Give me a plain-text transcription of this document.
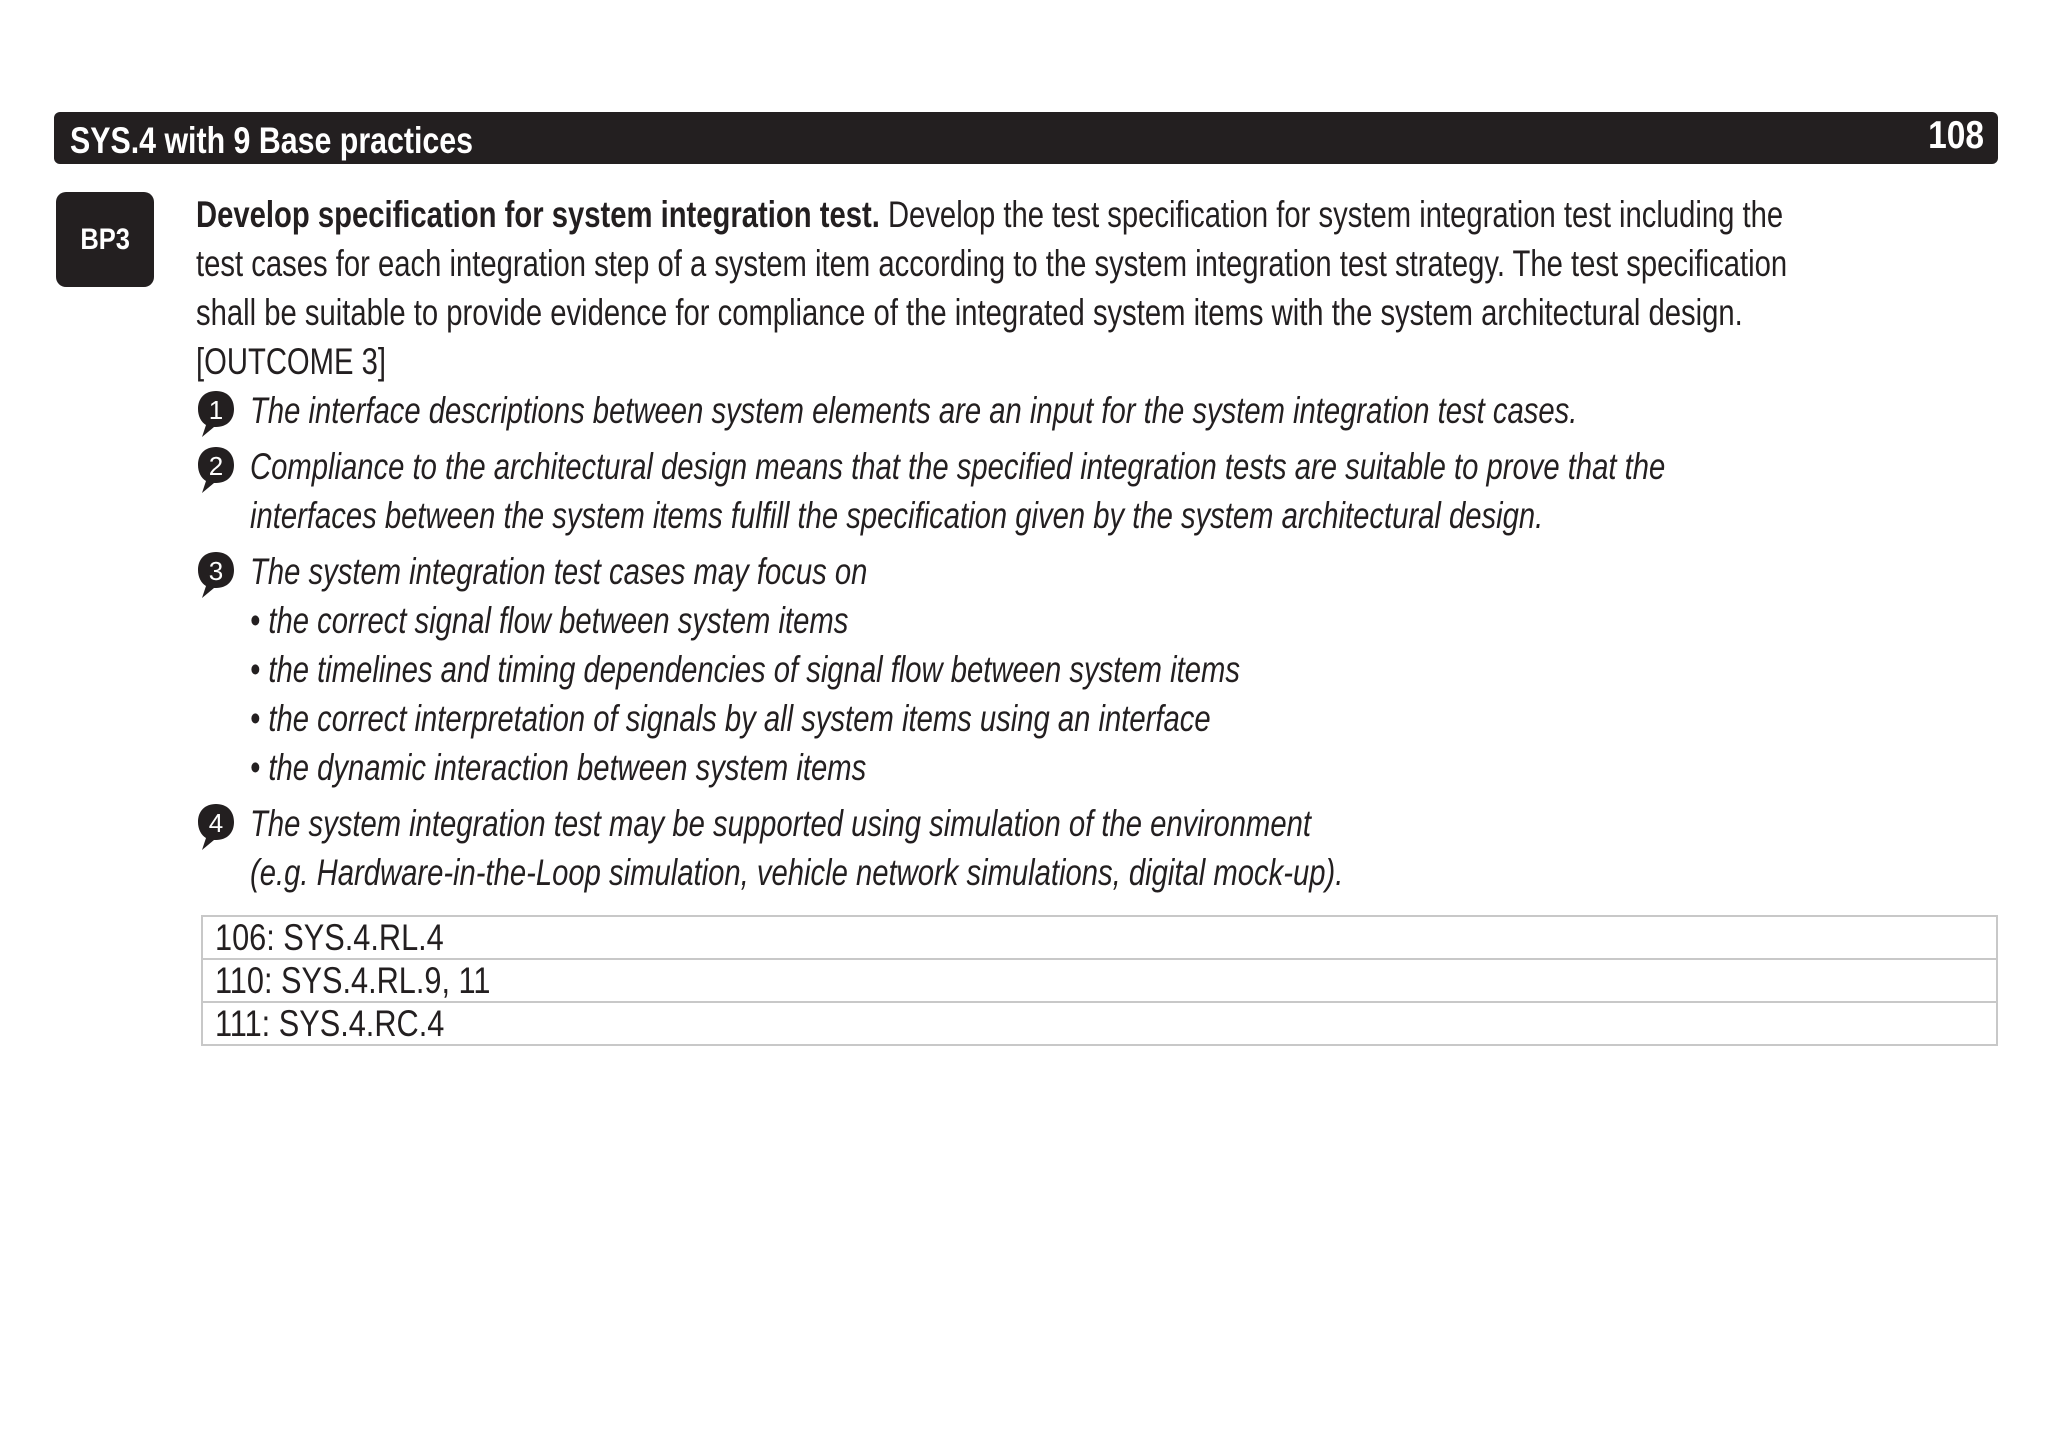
SYS.4 with 9 Base practices	108
BP3

Develop specification for system integration test. Develop the test specification for system integration test including the

test cases for each integration step of a system item according to the system integration test strategy. The test specification

shall be suitable to provide evidence for compliance of the integrated system items with the system architectural design.

[OUTCOME 3]

1 The interface descriptions between system elements are an input for the system integration test cases.

2 Compliance to the architectural design means that the specified integration tests are suitable to prove that the

interfaces between the system items fulfill the specification given by the system architectural design.

3 The system integration test cases may focus on

• the correct signal flow between system items

• the timelines and timing dependencies of signal flow between system items

• the correct interpretation of signals by all system items using an interface

• the dynamic interaction between system items

4 The system integration test may be supported using simulation of the environment

(e.g. Hardware-in-the-Loop simulation, vehicle network simulations, digital mock-up).

106: SYS.4.RL.4
110: SYS.4.RL.9, 11
111: SYS.4.RC.4
